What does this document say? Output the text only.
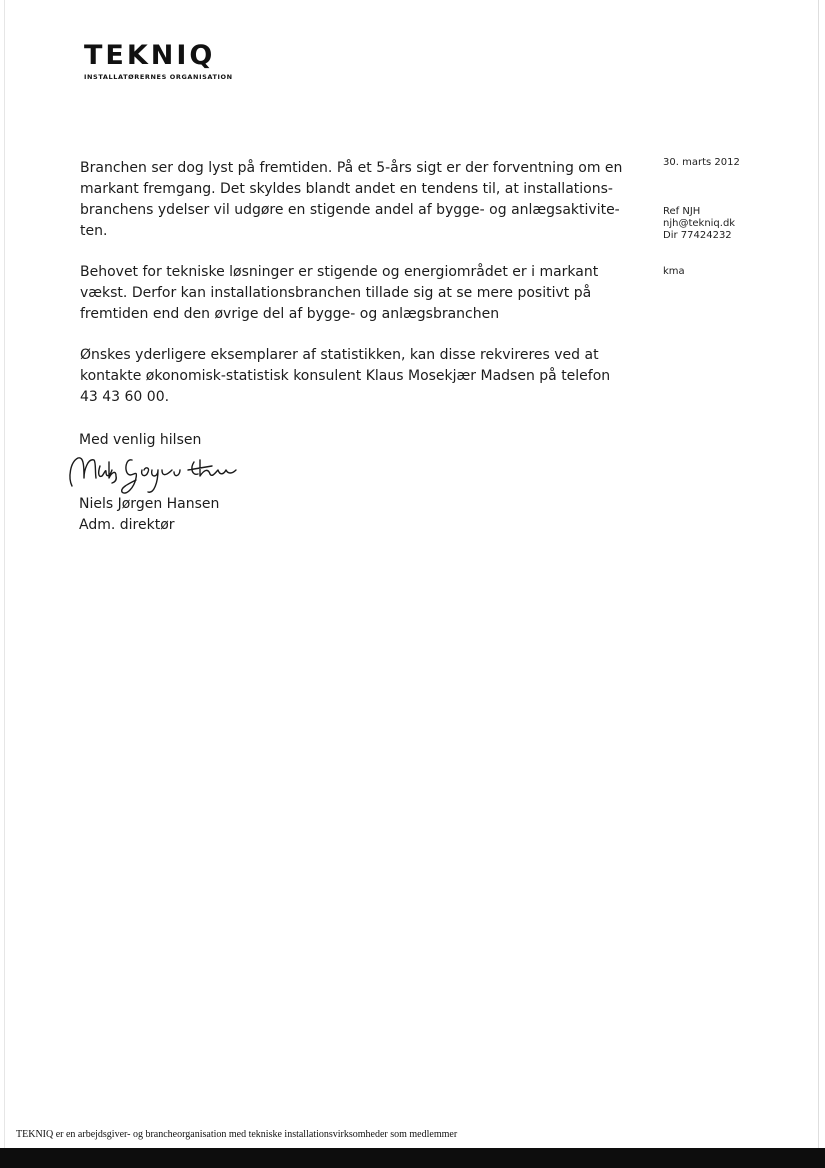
TEKNIQ
INSTALLATØRERNES ORGANISATION
30. marts 2012
Ref NJH
njh@tekniq.dk
Dir 77424232
kma

Branchen ser dog lyst på fremtiden. På et 5-års sigt er der forventning om en
markant fremgang. Det skyldes blandt andet en tendens til, at installations-
branchens ydelser vil udgøre en stigende andel af bygge- og anlægsaktivite-
ten.

Behovet for tekniske løsninger er stigende og energiområdet er i markant
vækst. Derfor kan installationsbranchen tillade sig at se mere positivt på
fremtiden end den øvrige del af bygge- og anlægsbranchen

Ønskes yderligere eksemplarer af statistikken, kan disse rekvireres ved at
kontakte økonomisk-statistisk konsulent Klaus Mosekjær Madsen på telefon
43 43 60 00.

Med venlig hilsen
Niels Jørgen Hansen
Adm. direktør
TEKNIQ er en arbejdsgiver- og brancheorganisation med tekniske installationsvirksomheder som medlemmer
